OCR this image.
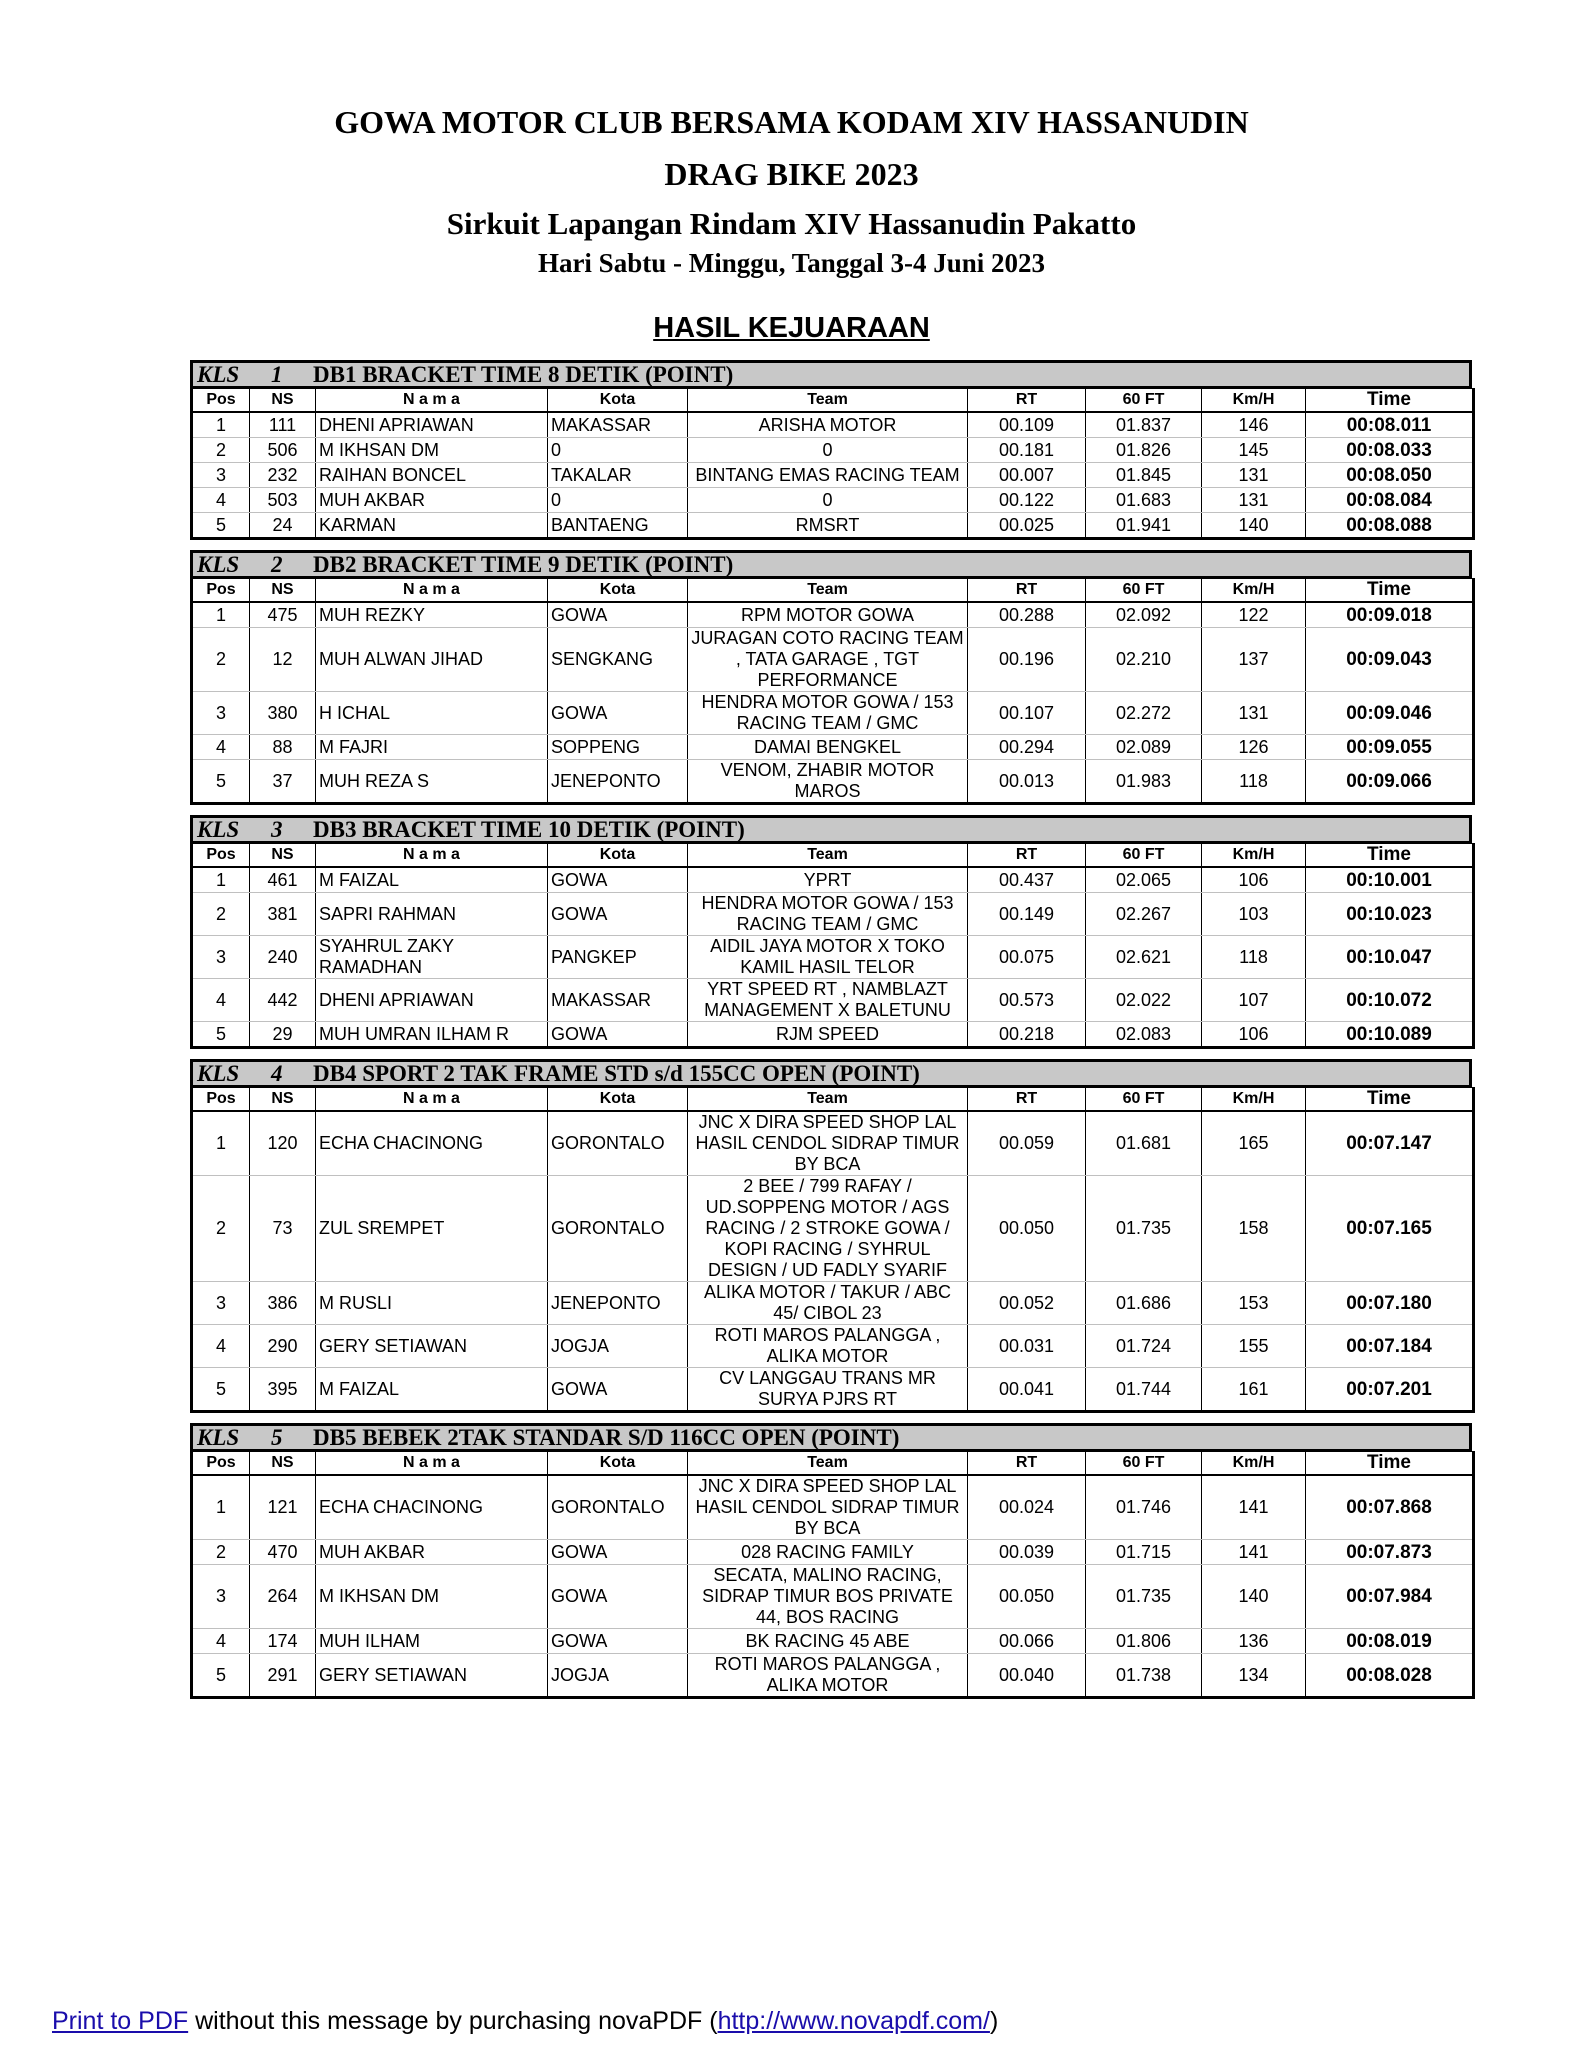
GOWA MOTOR CLUB BERSAMA KODAM XIV HASSANUDIN
DRAG BIKE 2023
Sirkuit Lapangan Rindam XIV Hassanudin Pakatto
Hari Sabtu - Minggu, Tanggal 3-4 Juni 2023
HASIL KEJUARAAN
KLS	1	DB1 BRACKET TIME 8 DETIK (POINT)
Pos	NS	N a m a	Kota	Team	RT	60 FT	Km/H	Time
1	111	DHENI APRIAWAN	MAKASSAR	ARISHA MOTOR	00.109	01.837	146	00:08.011
2	506	M IKHSAN DM	0	0	00.181	01.826	145	00:08.033
3	232	RAIHAN BONCEL	TAKALAR	BINTANG EMAS RACING TEAM	00.007	01.845	131	00:08.050
4	503	MUH AKBAR	0	0	00.122	01.683	131	00:08.084
5	24	KARMAN	BANTAENG	RMSRT	00.025	01.941	140	00:08.088
KLS	2	DB2 BRACKET TIME 9 DETIK (POINT)
Pos	NS	N a m a	Kota	Team	RT	60 FT	Km/H	Time
1	475	MUH REZKY	GOWA	RPM MOTOR GOWA	00.288	02.092	122	00:09.018
2	12	MUH ALWAN JIHAD	SENGKANG	JURAGAN COTO RACING TEAM , TATA GARAGE , TGT PERFORMANCE	00.196	02.210	137	00:09.043
3	380	H ICHAL	GOWA	HENDRA MOTOR GOWA / 153 RACING TEAM / GMC	00.107	02.272	131	00:09.046
4	88	M FAJRI	SOPPENG	DAMAI BENGKEL	00.294	02.089	126	00:09.055
5	37	MUH REZA S	JENEPONTO	VENOM, ZHABIR MOTOR MAROS	00.013	01.983	118	00:09.066
KLS	3	DB3 BRACKET TIME 10 DETIK (POINT)
Pos	NS	N a m a	Kota	Team	RT	60 FT	Km/H	Time
1	461	M FAIZAL	GOWA	YPRT	00.437	02.065	106	00:10.001
2	381	SAPRI RAHMAN	GOWA	HENDRA MOTOR GOWA / 153 RACING TEAM / GMC	00.149	02.267	103	00:10.023
3	240	SYAHRUL ZAKY RAMADHAN	PANGKEP	AIDIL JAYA MOTOR X TOKO KAMIL HASIL TELOR	00.075	02.621	118	00:10.047
4	442	DHENI APRIAWAN	MAKASSAR	YRT SPEED RT , NAMBLAZT MANAGEMENT X BALETUNU	00.573	02.022	107	00:10.072
5	29	MUH UMRAN ILHAM R	GOWA	RJM SPEED	00.218	02.083	106	00:10.089
KLS	4	DB4 SPORT 2 TAK FRAME STD s/d 155CC OPEN (POINT)
Pos	NS	N a m a	Kota	Team	RT	60 FT	Km/H	Time
1	120	ECHA CHACINONG	GORONTALO	JNC X DIRA SPEED SHOP LAL HASIL CENDOL SIDRAP TIMUR BY BCA	00.059	01.681	165	00:07.147
2	73	ZUL SREMPET	GORONTALO	2 BEE / 799 RAFAY / UD.SOPPENG MOTOR / AGS RACING / 2 STROKE GOWA / KOPI RACING / SYHRUL DESIGN / UD FADLY SYARIF	00.050	01.735	158	00:07.165
3	386	M RUSLI	JENEPONTO	ALIKA MOTOR / TAKUR / ABC 45/ CIBOL 23	00.052	01.686	153	00:07.180
4	290	GERY SETIAWAN	JOGJA	ROTI MAROS PALANGGA , ALIKA MOTOR	00.031	01.724	155	00:07.184
5	395	M FAIZAL	GOWA	CV LANGGAU TRANS MR SURYA PJRS RT	00.041	01.744	161	00:07.201
KLS	5	DB5 BEBEK 2TAK STANDAR S/D 116CC OPEN (POINT)
Pos	NS	N a m a	Kota	Team	RT	60 FT	Km/H	Time
1	121	ECHA CHACINONG	GORONTALO	JNC X DIRA SPEED SHOP LAL HASIL CENDOL SIDRAP TIMUR BY BCA	00.024	01.746	141	00:07.868
2	470	MUH AKBAR	GOWA	028 RACING FAMILY	00.039	01.715	141	00:07.873
3	264	M IKHSAN DM	GOWA	SECATA, MALINO RACING, SIDRAP TIMUR BOS PRIVATE 44, BOS RACING	00.050	01.735	140	00:07.984
4	174	MUH ILHAM	GOWA	BK RACING 45 ABE	00.066	01.806	136	00:08.019
5	291	GERY SETIAWAN	JOGJA	ROTI MAROS PALANGGA , ALIKA MOTOR	00.040	01.738	134	00:08.028
Print to PDF without this message by purchasing novaPDF (http://www.novapdf.com/)
